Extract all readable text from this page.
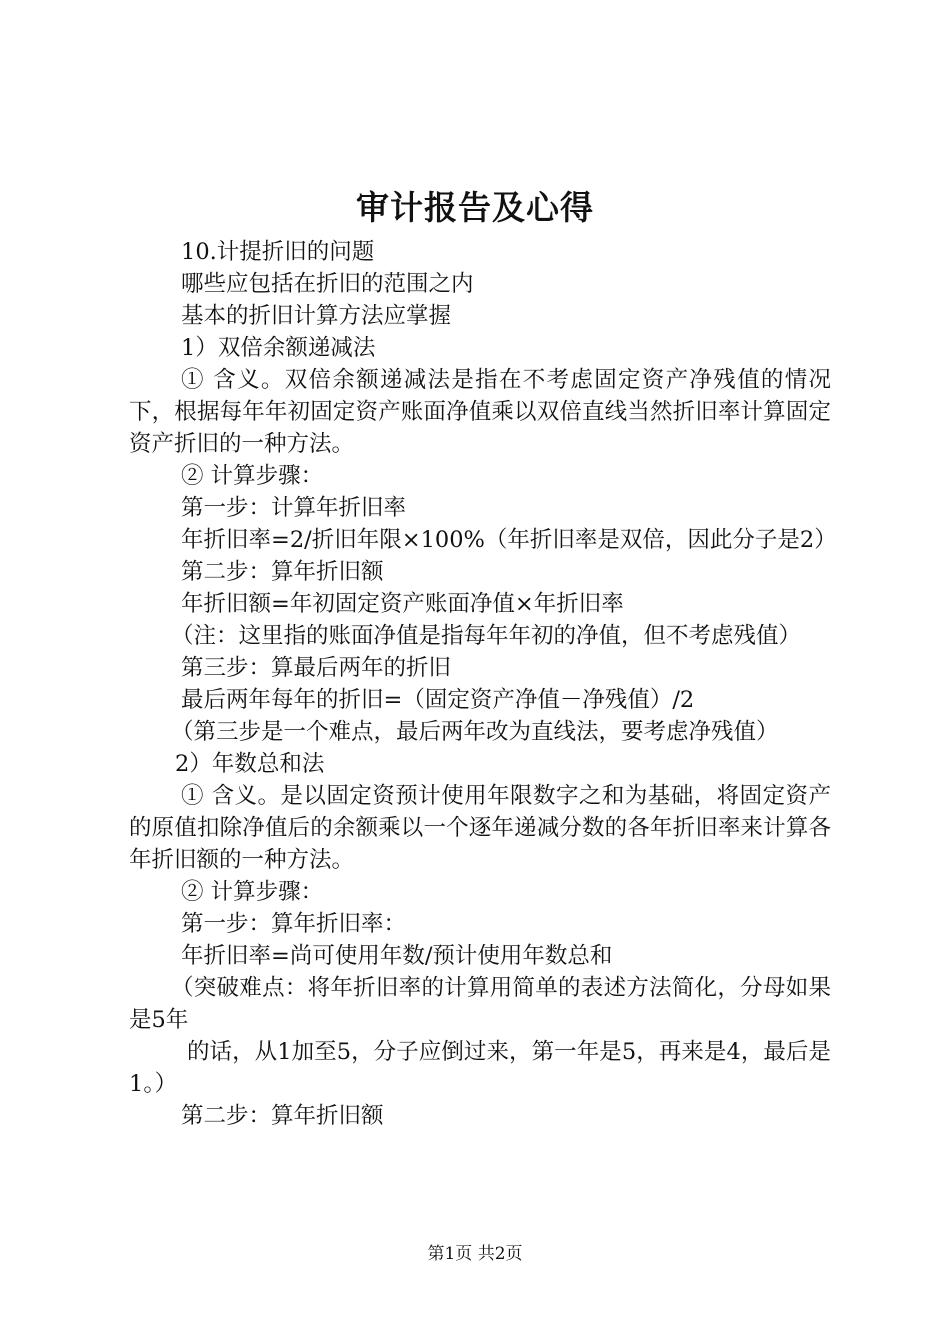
审计报告及心得

10.计提折旧的问题

哪些应包括在折旧的范围之内

基本的折旧计算方法应掌握

1）双倍余额递减法

① 含义。双倍余额递减法是指在不考虑固定资产净残值的情况下，根据每年年初固定资产账面净值乘以双倍直线当然折旧率计算固定资产折旧的一种方法。

② 计算步骤：

第一步：计算年折旧率

年折旧率=2/折旧年限×100%（年折旧率是双倍，因此分子是2）

第二步：算年折旧额

年折旧额=年初固定资产账面净值×年折旧率

（注：这里指的账面净值是指每年年初的净值，但不考虑残值）

第三步：算最后两年的折旧

最后两年每年的折旧=（固定资产净值－净残值）/2

（第三步是一个难点，最后两年改为直线法，要考虑净残值）

2）年数总和法

① 含义。是以固定资预计使用年限数字之和为基础，将固定资产的原值扣除净值后的余额乘以一个逐年递减分数的各年折旧率来计算各年折旧额的一种方法。

② 计算步骤：

第一步：算年折旧率：

年折旧率=尚可使用年数/预计使用年数总和

（突破难点：将年折旧率的计算用简单的表述方法简化，分母如果是5年

的话，从1加至5，分子应倒过来，第一年是5，再来是4，最后是1。）

第二步：算年折旧额

第1页 共2页
